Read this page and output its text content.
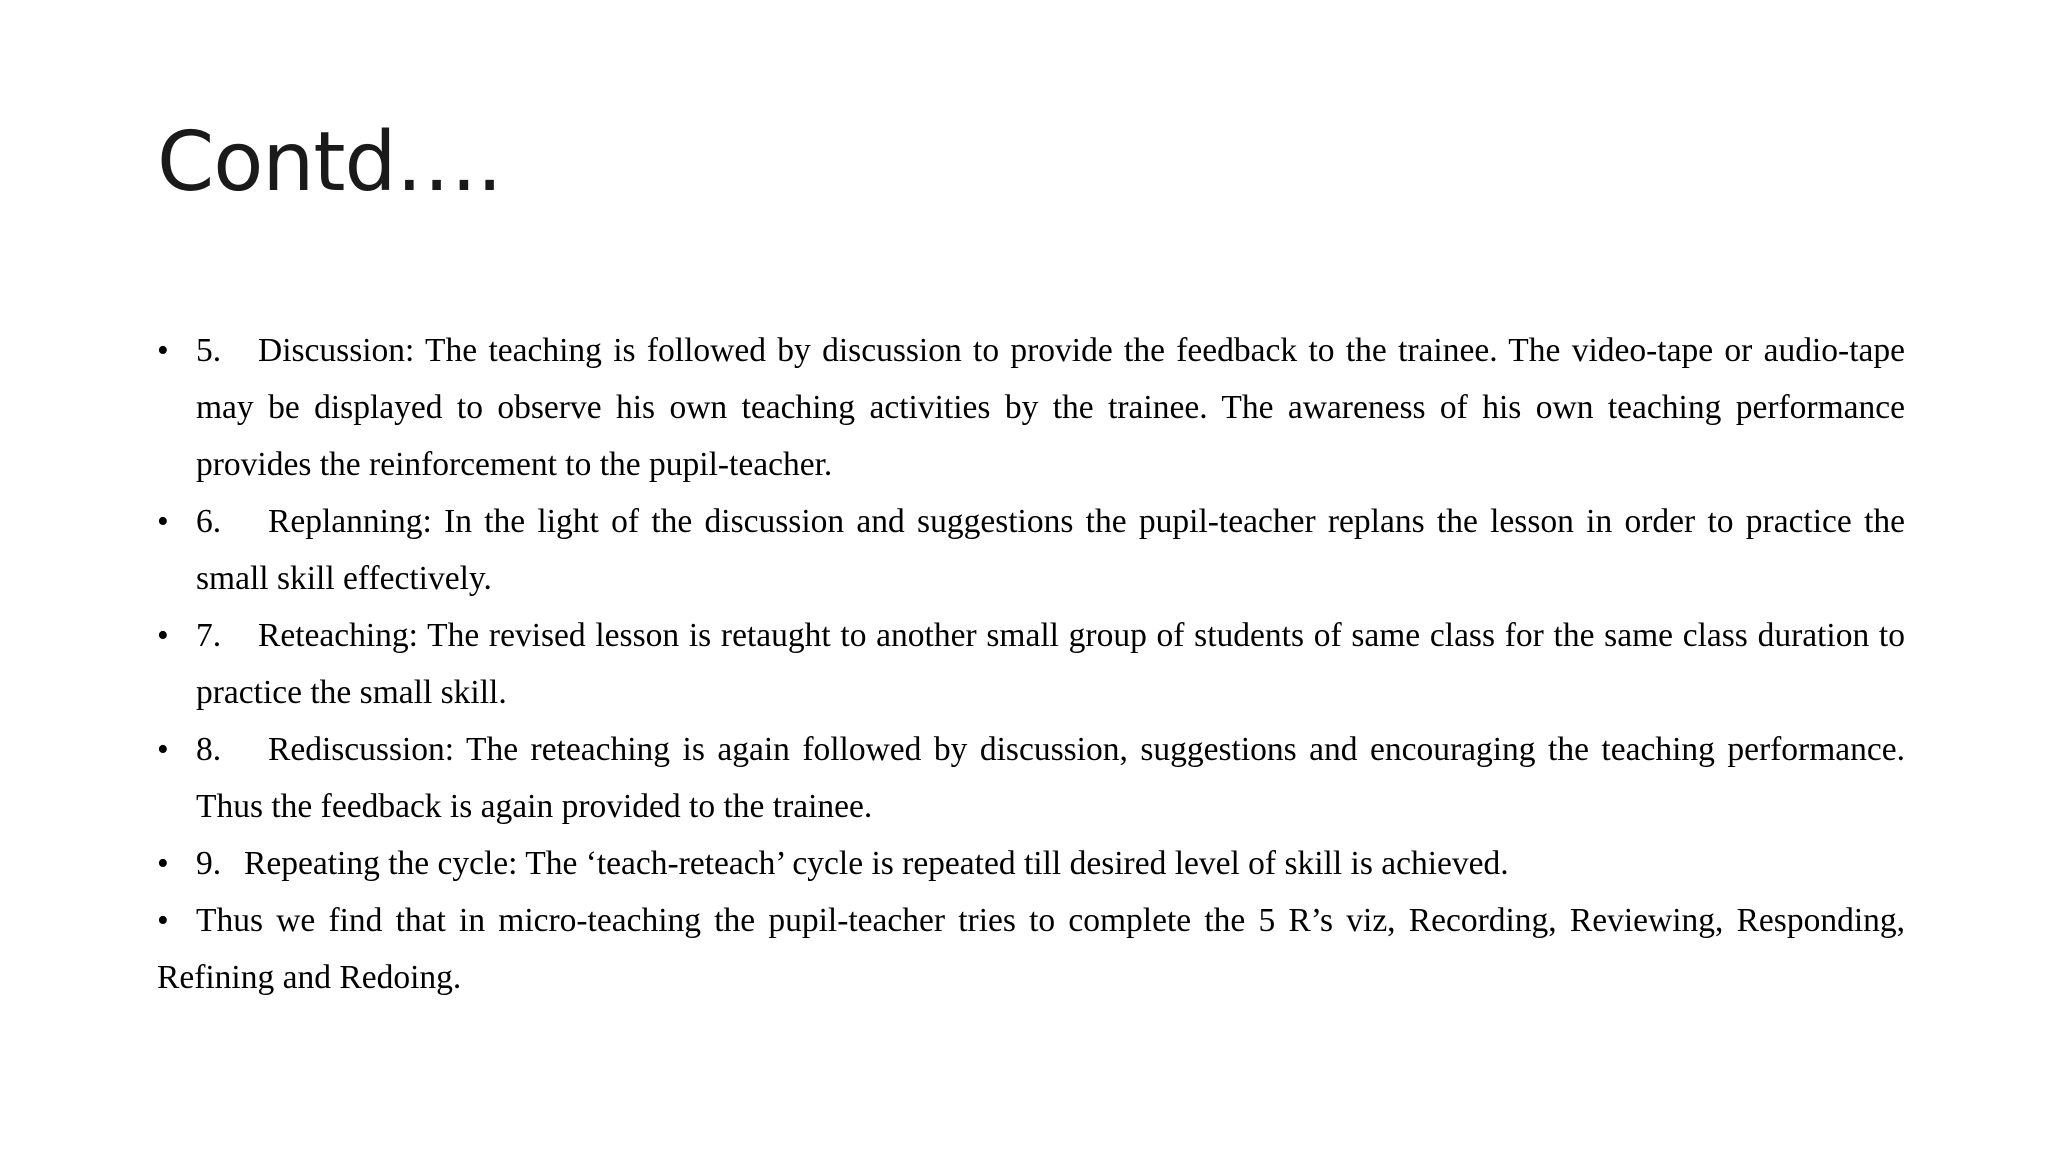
Contd….
• 5. Discussion: The teaching is followed by discussion to provide the feedback to the trainee. The video-tape or audio-tape may be displayed to observe his own teaching activities by the trainee. The awareness of his own teaching performance provides the reinforcement to the pupil-teacher.
• 6. Replanning: In the light of the discussion and suggestions the pupil-teacher replans the lesson in order to practice the small skill effectively.
• 7. Reteaching: The revised lesson is retaught to another small group of students of same class for the same class duration to practice the small skill.
• 8. Rediscussion: The reteaching is again followed by discussion, suggestions and encouraging the teaching performance. Thus the feedback is again provided to the trainee.
• 9. Repeating the cycle: The ‘teach-reteach’ cycle is repeated till desired level of skill is achieved.

• Thus we find that in micro-teaching the pupil-teacher tries to complete the 5 R’s viz, Recording, Reviewing, Responding, Refining and Redoing.
